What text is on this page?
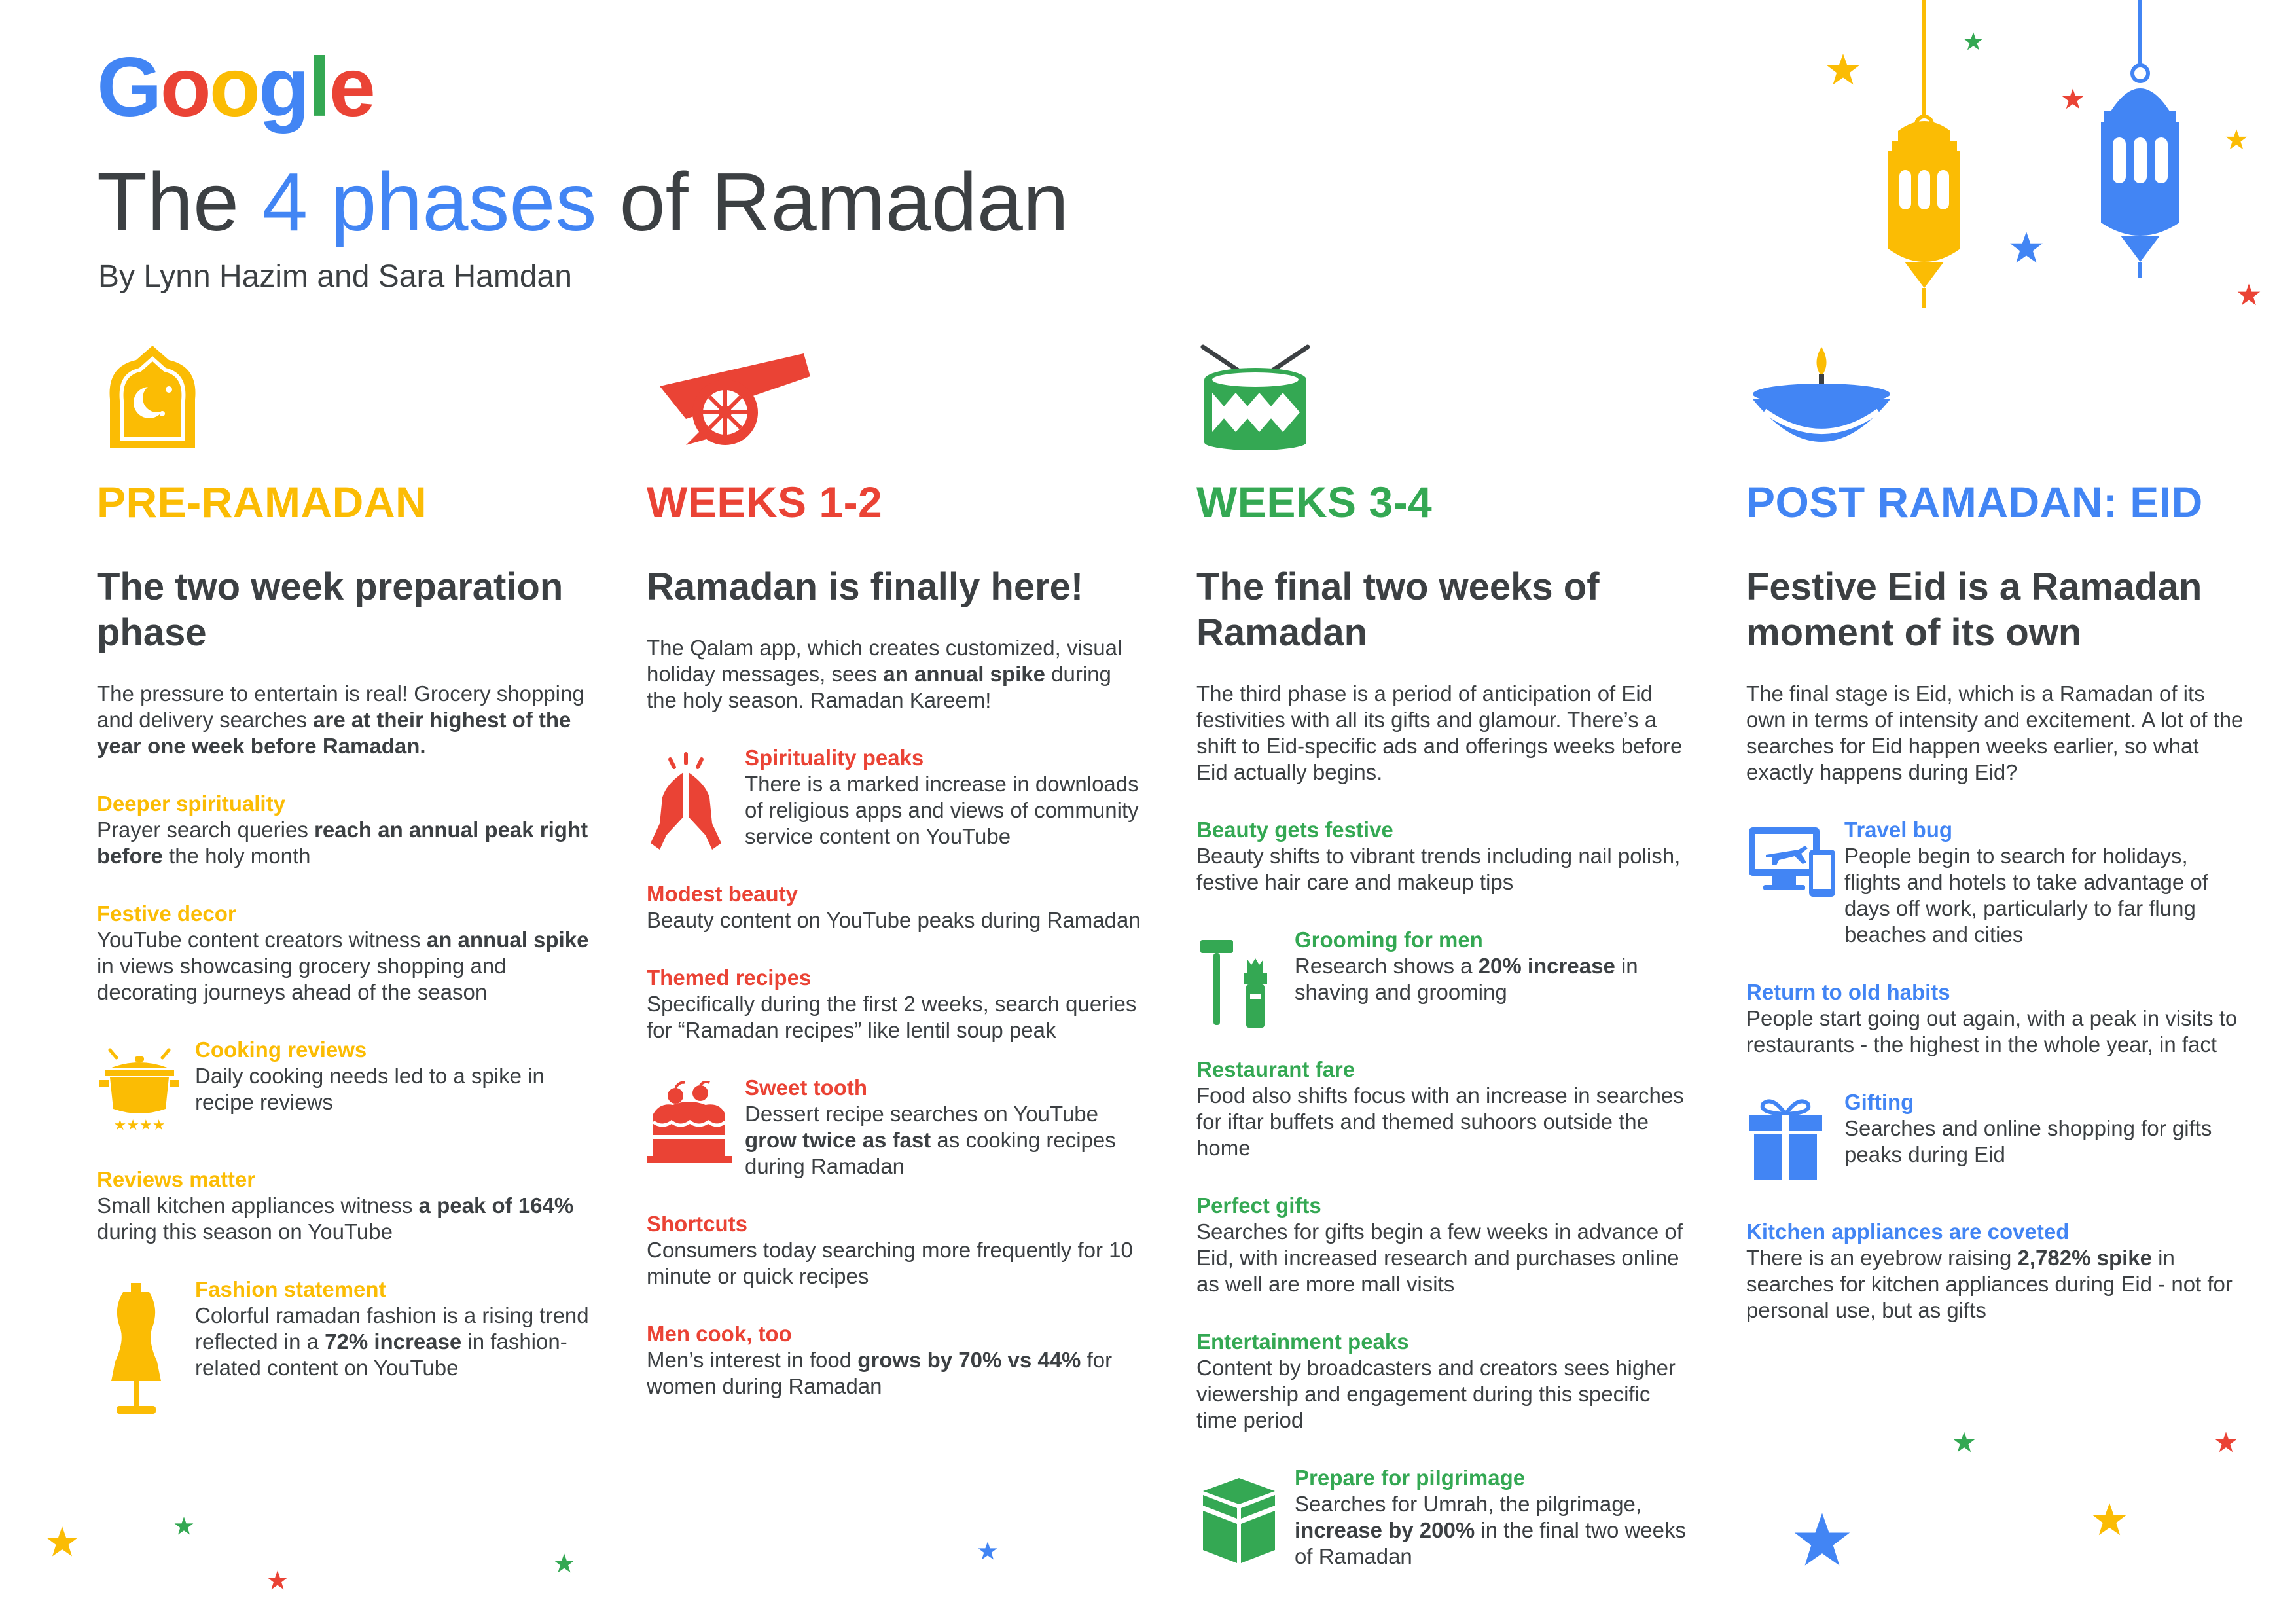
Google
The 4 phases of Ramadan
By Lynn Hazim and Sara Hamdan
PRE-RAMADAN
The two week preparation phase
The pressure to entertain is real! Grocery shopping and delivery searches are at their highest of the year one week before Ramadan.
Deeper spirituality
Prayer search queries reach an annual peak right before the holy month
Festive decor
YouTube content creators witness an annual spike in views showcasing grocery shopping and decorating journeys ahead of the season
★★★★
Cooking reviews
Daily cooking needs led to a spike in recipe reviews
Reviews matter
Small kitchen appliances witness a peak of 164% during this season on YouTube
Fashion statement
Colorful ramadan fashion is a rising trend reflected in a 72% increase in fashion-related content on YouTube
WEEKS 1-2
Ramadan is finally here!
The Qalam app, which creates customized, visual holiday messages, sees an annual spike during the holy season. Ramadan Kareem!
Spirituality peaks
There is a marked increase in downloads of religious apps and views of community service content on YouTube
Modest beauty
Beauty content on YouTube peaks during Ramadan
Themed recipes
Specifically during the first 2 weeks, search queries for “Ramadan recipes” like lentil soup peak
Sweet tooth
Dessert recipe searches on YouTube grow twice as fast as cooking recipes during Ramadan
Shortcuts
Consumers today searching more frequently for 10 minute or quick recipes
Men cook, too
Men’s interest in food grows by 70% vs 44% for women during Ramadan
WEEKS 3-4
The final two weeks of Ramadan
The third phase is a period of anticipation of Eid festivities with all its gifts and glamour. There’s a shift to Eid-specific ads and offerings weeks before Eid actually begins.
Beauty gets festive
Beauty shifts to vibrant trends including nail polish, festive hair care and makeup tips
Grooming for men
Research shows a 20% increase in shaving and grooming
Restaurant fare
Food also shifts focus with an increase in searches for iftar buffets and themed suhoors outside the home
Perfect gifts
Searches for gifts begin a few weeks in advance of Eid, with increased research and purchases online as well are more mall visits
Entertainment peaks
Content by broadcasters and creators sees higher viewership and engagement during this specific time period
Prepare for pilgrimage
Searches for Umrah, the pilgrimage, increase by 200% in the final two weeks of Ramadan
POST RAMADAN: EID
Festive Eid is a Ramadan moment of its own
The final stage is Eid, which is a Ramadan of its own in terms of intensity and excitement. A lot of the searches for Eid happen weeks earlier, so what exactly happens during Eid?
Travel bug
People begin to search for holidays, flights and hotels to take advantage of days off work, particularly to far flung beaches and cities
Return to old habits
People start going out again, with a peak in visits to restaurants - the highest in the whole year, in fact
Gifting
Searches and online shopping for gifts peaks during Eid
Kitchen appliances are coveted
There is an eyebrow raising 2,782% spike in searches for kitchen appliances during Eid - not for personal use, but as gifts
